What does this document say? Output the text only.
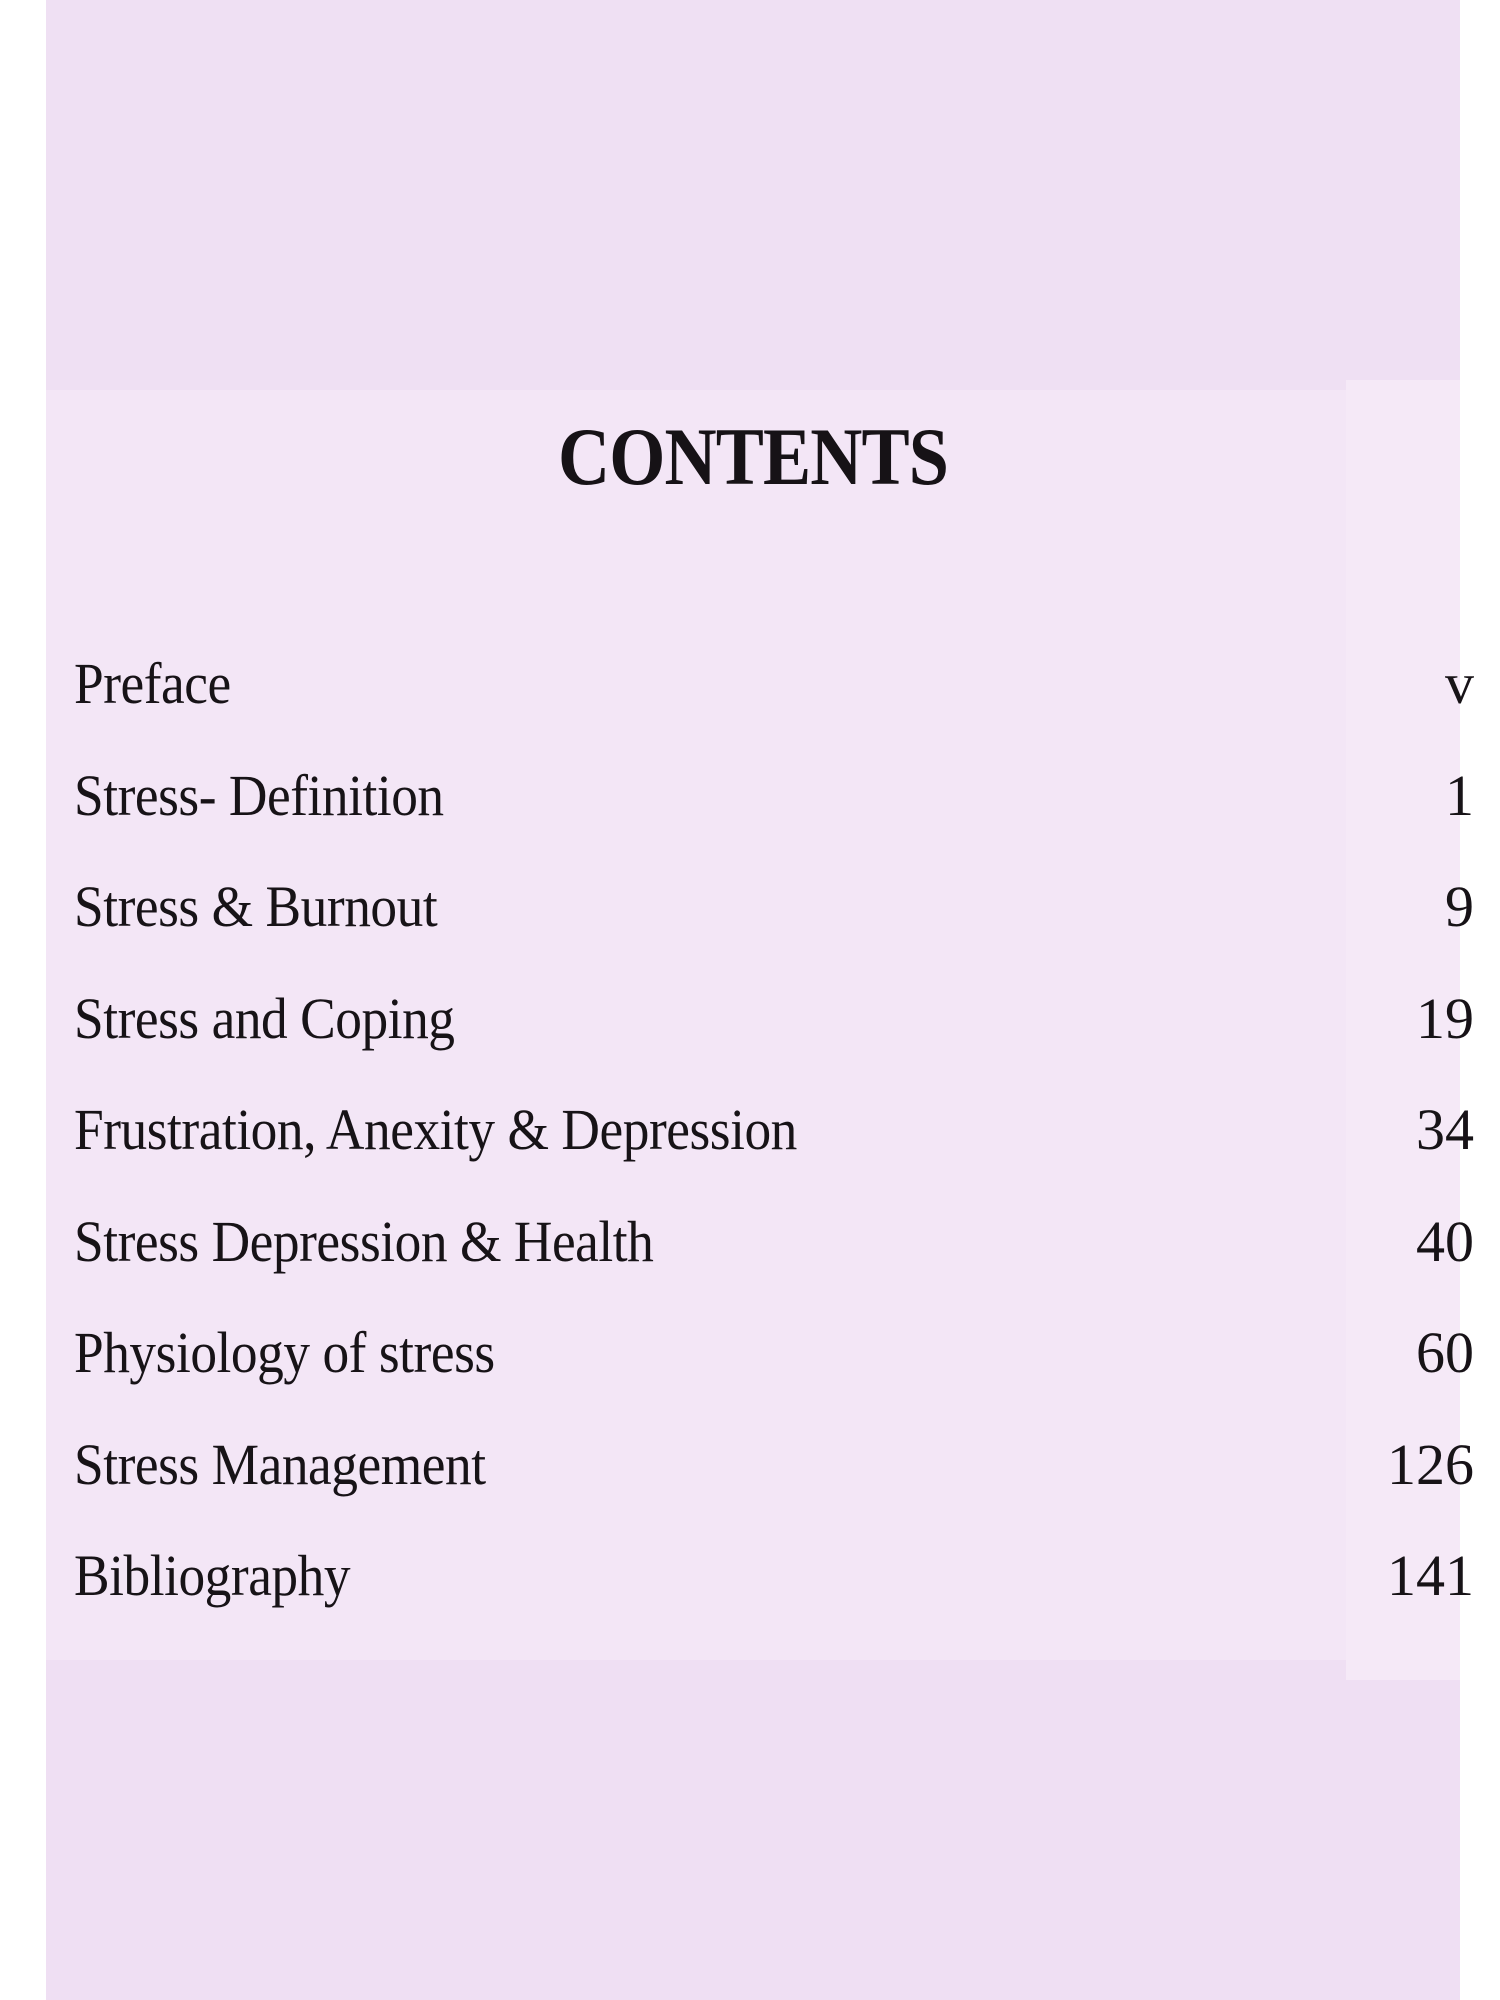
CONTENTS
Preface	v
Stress- Definition	1
Stress & Burnout	9
Stress and Coping	19
Frustration, Anexity & Depression	34
Stress Depression & Health	40
Physiology of stress	60
Stress Management	126
Bibliography	141
